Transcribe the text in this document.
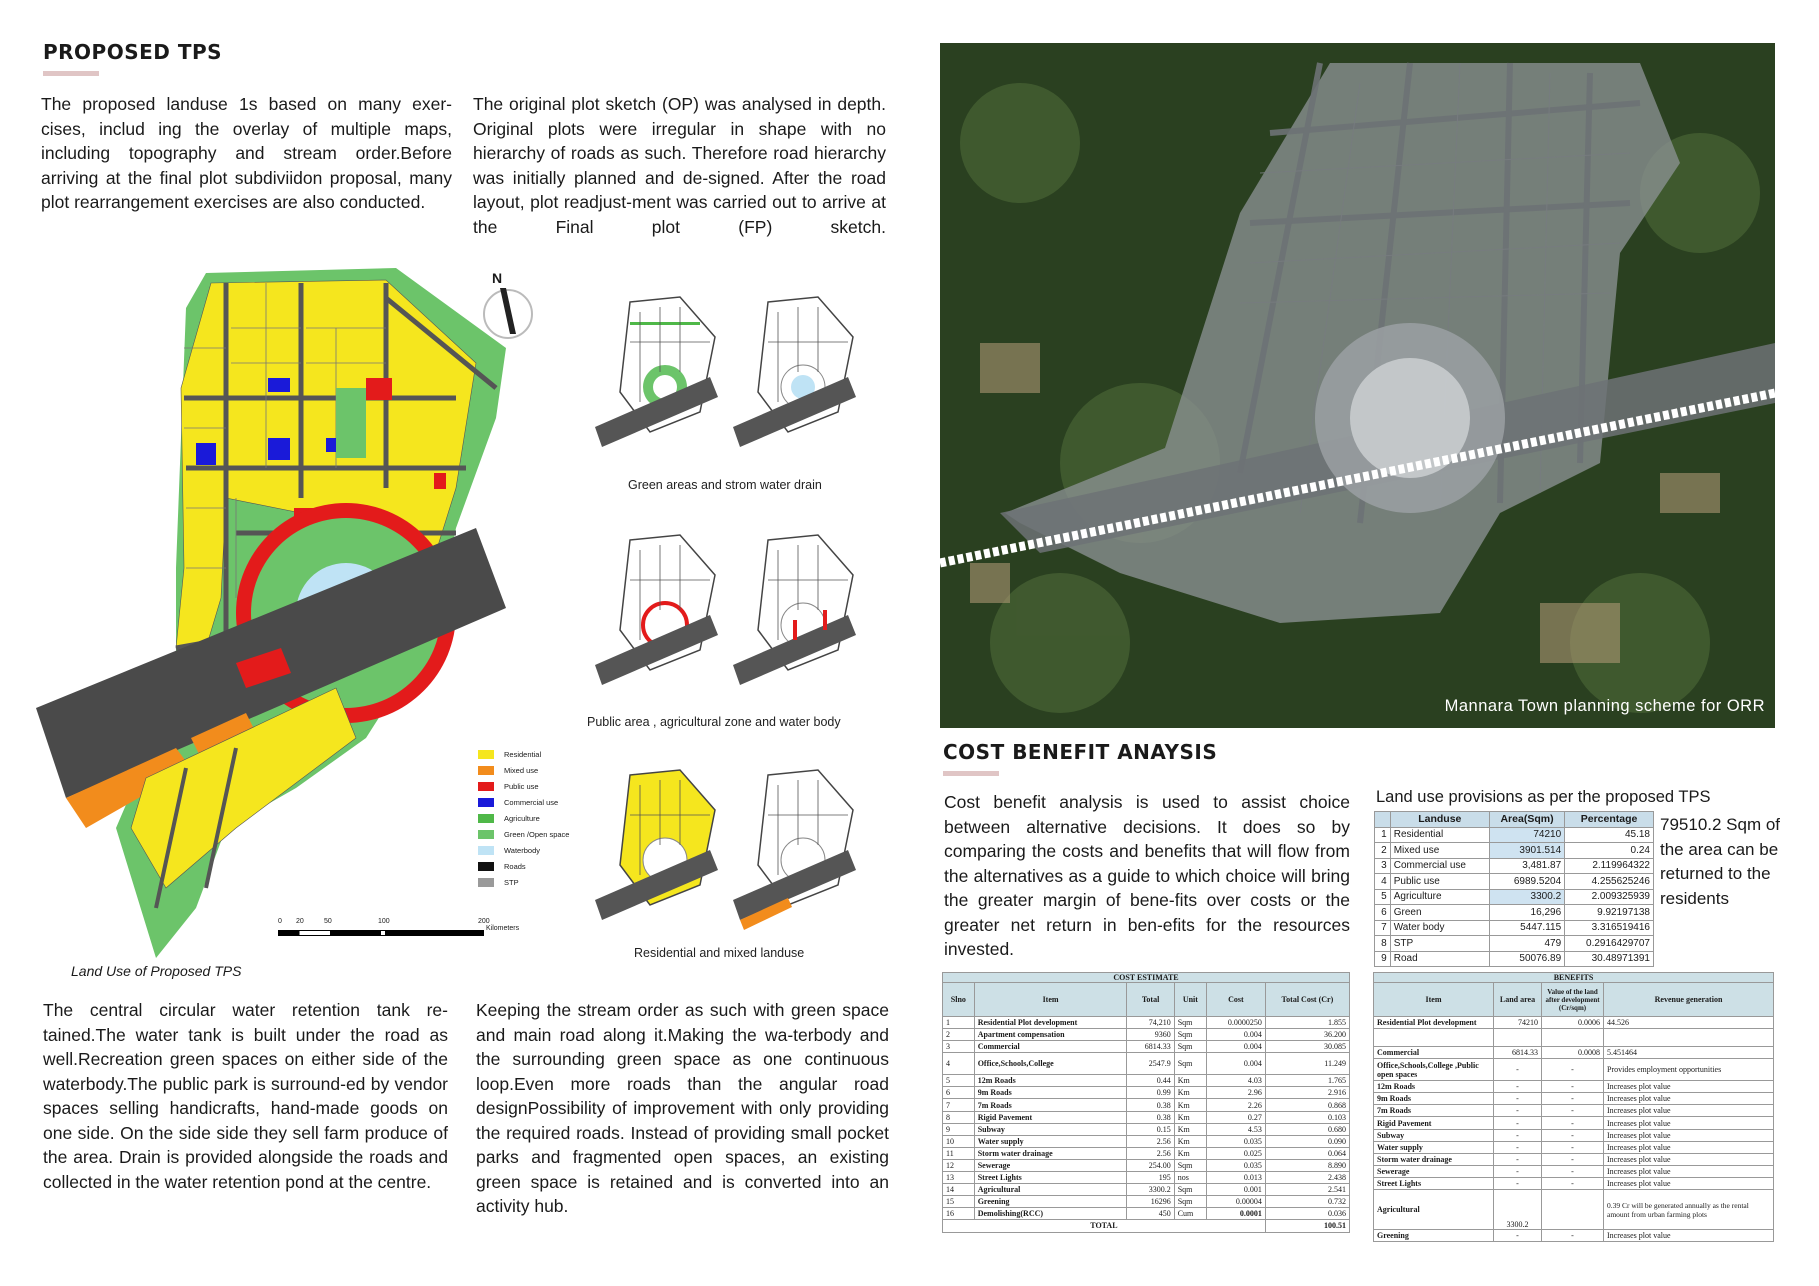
PROPOSED TPS

The proposed landuse 1s based on many exer-cises, includ ing the overlay of multiple maps, including topography and stream order.Before arriving at the final plot subdiviidon proposal, many plot rearrangement exercises are also conducted.

The original plot sketch (OP) was analysed in depth. Original plots were irregular in shape with no hierarchy of roads as such. Therefore road hierarchy was initially planned and de-signed. After the road layout, plot readjust-ment was carried out to arrive at the Final plot (FP) sketch.

N
Residential
Mixed use
Public use
Commercial use
Agriculture
Green /Open space
Waterbody
Roads
STP
0 20	50	100	200
Kilometers
Land Use of Proposed TPS
Green areas and strom water drain
Public area , agricultural zone and water body
Residential and mixed landuse

The central circular water retention tank re-tained.The water tank is built under the road as well.Recreation green spaces on either side of the waterbody.The public park is surround-ed by vendor spaces selling handicrafts, hand-made goods on one side. On the side side they sell farm produce of the area. Drain is provided alongside the roads and collected in the water retention pond at the centre.

Keeping the stream order as such with green space and main road along it.Making the wa-terbody and the surrounding green space as one continuous loop.Even more roads than the angular road designPossibility of improvement with only providing the required roads. Instead of providing small pocket parks and fragmented open spaces, an existing green space is retained and is converted into an activity hub.

Mannara Town planning scheme for ORR
COST BENEFIT ANAYSIS

Cost benefit analysis is used to assist choice between alternative decisions. It does so by comparing the costs and benefits that will flow from the alternatives as a guide to which choice will bring the greater margin of bene-fits over costs or the greater net return in ben-efits for the resources invested.

Land use provisions as per the proposed TPS
	Landuse	Area(Sqm)	Percentage
1	Residential	74210	45.18
2	Mixed use	3901.514	0.24
3	Commercial use	3,481.87	2.119964322
4	Public use	6989.5204	4.255625246
5	Agriculture	3300.2	2.009325939
6	Green	16,296	9.92197138
7	Water body	5447.115	3.316519416
8	STP	479	0.2916429707
9	Road	50076.89	30.48971391

79510.2 Sqm of the area can be returned to the residents

COST ESTIMATE					
Slno	Item	Total	Unit	Cost	Total Cost (Cr)
1	Residential Plot development	74,210	Sqm	0.0000250	1.855
2	Apartment compensation	9360	Sqm	0.004	36.200
3	Commercial	6814.33	Sqm	0.004	30.085
4	Office,Schools,College	2547.9	Sqm	0.004	11.249
5	12m Roads	0.44	Km	4.03	1.765
6	9m Roads	0.99	Km	2.96	2.916
7	7m Roads	0.38	Km	2.26	0.868
8	Rigid Pavement	0.38	Km	0.27	0.103
9	Subway	0.15	Km	4.53	0.680
10	Water supply	2.56	Km	0.035	0.090
11	Storm water drainage	2.56	Km	0.025	0.064
12	Sewerage	254.00	Sqm	0.035	8.890
13	Street Lights	195	nos	0.013	2.438
14	Agricultural	3300.2	Sqm	0.001	2.541
15	Greening	16296	Sqm	0.00004	0.732
16	Demolishing(RCC)	450	Cum	0.0001	0.036
TOTAL					100.51
BENEFITS			
Item	Land area	Value of the land after development (Cr/sqm)	Revenue generation
Residential Plot development	74210	0.0006	44.526

Commercial	6814.33	0.0008	5.451464
Office,Schools,College ,Public open spaces	-	-	Provides employment opportunities
12m Roads	-	-	Increases plot value
9m Roads	-	-	Increases plot value
7m Roads	-	-	Increases plot value
Rigid Pavement	-	-	Increases plot value
Subway	-	-	Increases plot value
Water supply	-	-	Increases plot value
Storm water drainage	-	-	Increases plot value
Sewerage	-	-	Increases plot value
Street Lights	-	-	Increases plot value
Agricultural	3300.2		0.39 Cr will be generated annually as the rental amount from urban farming plots
Greening	-	-	Increases plot value
